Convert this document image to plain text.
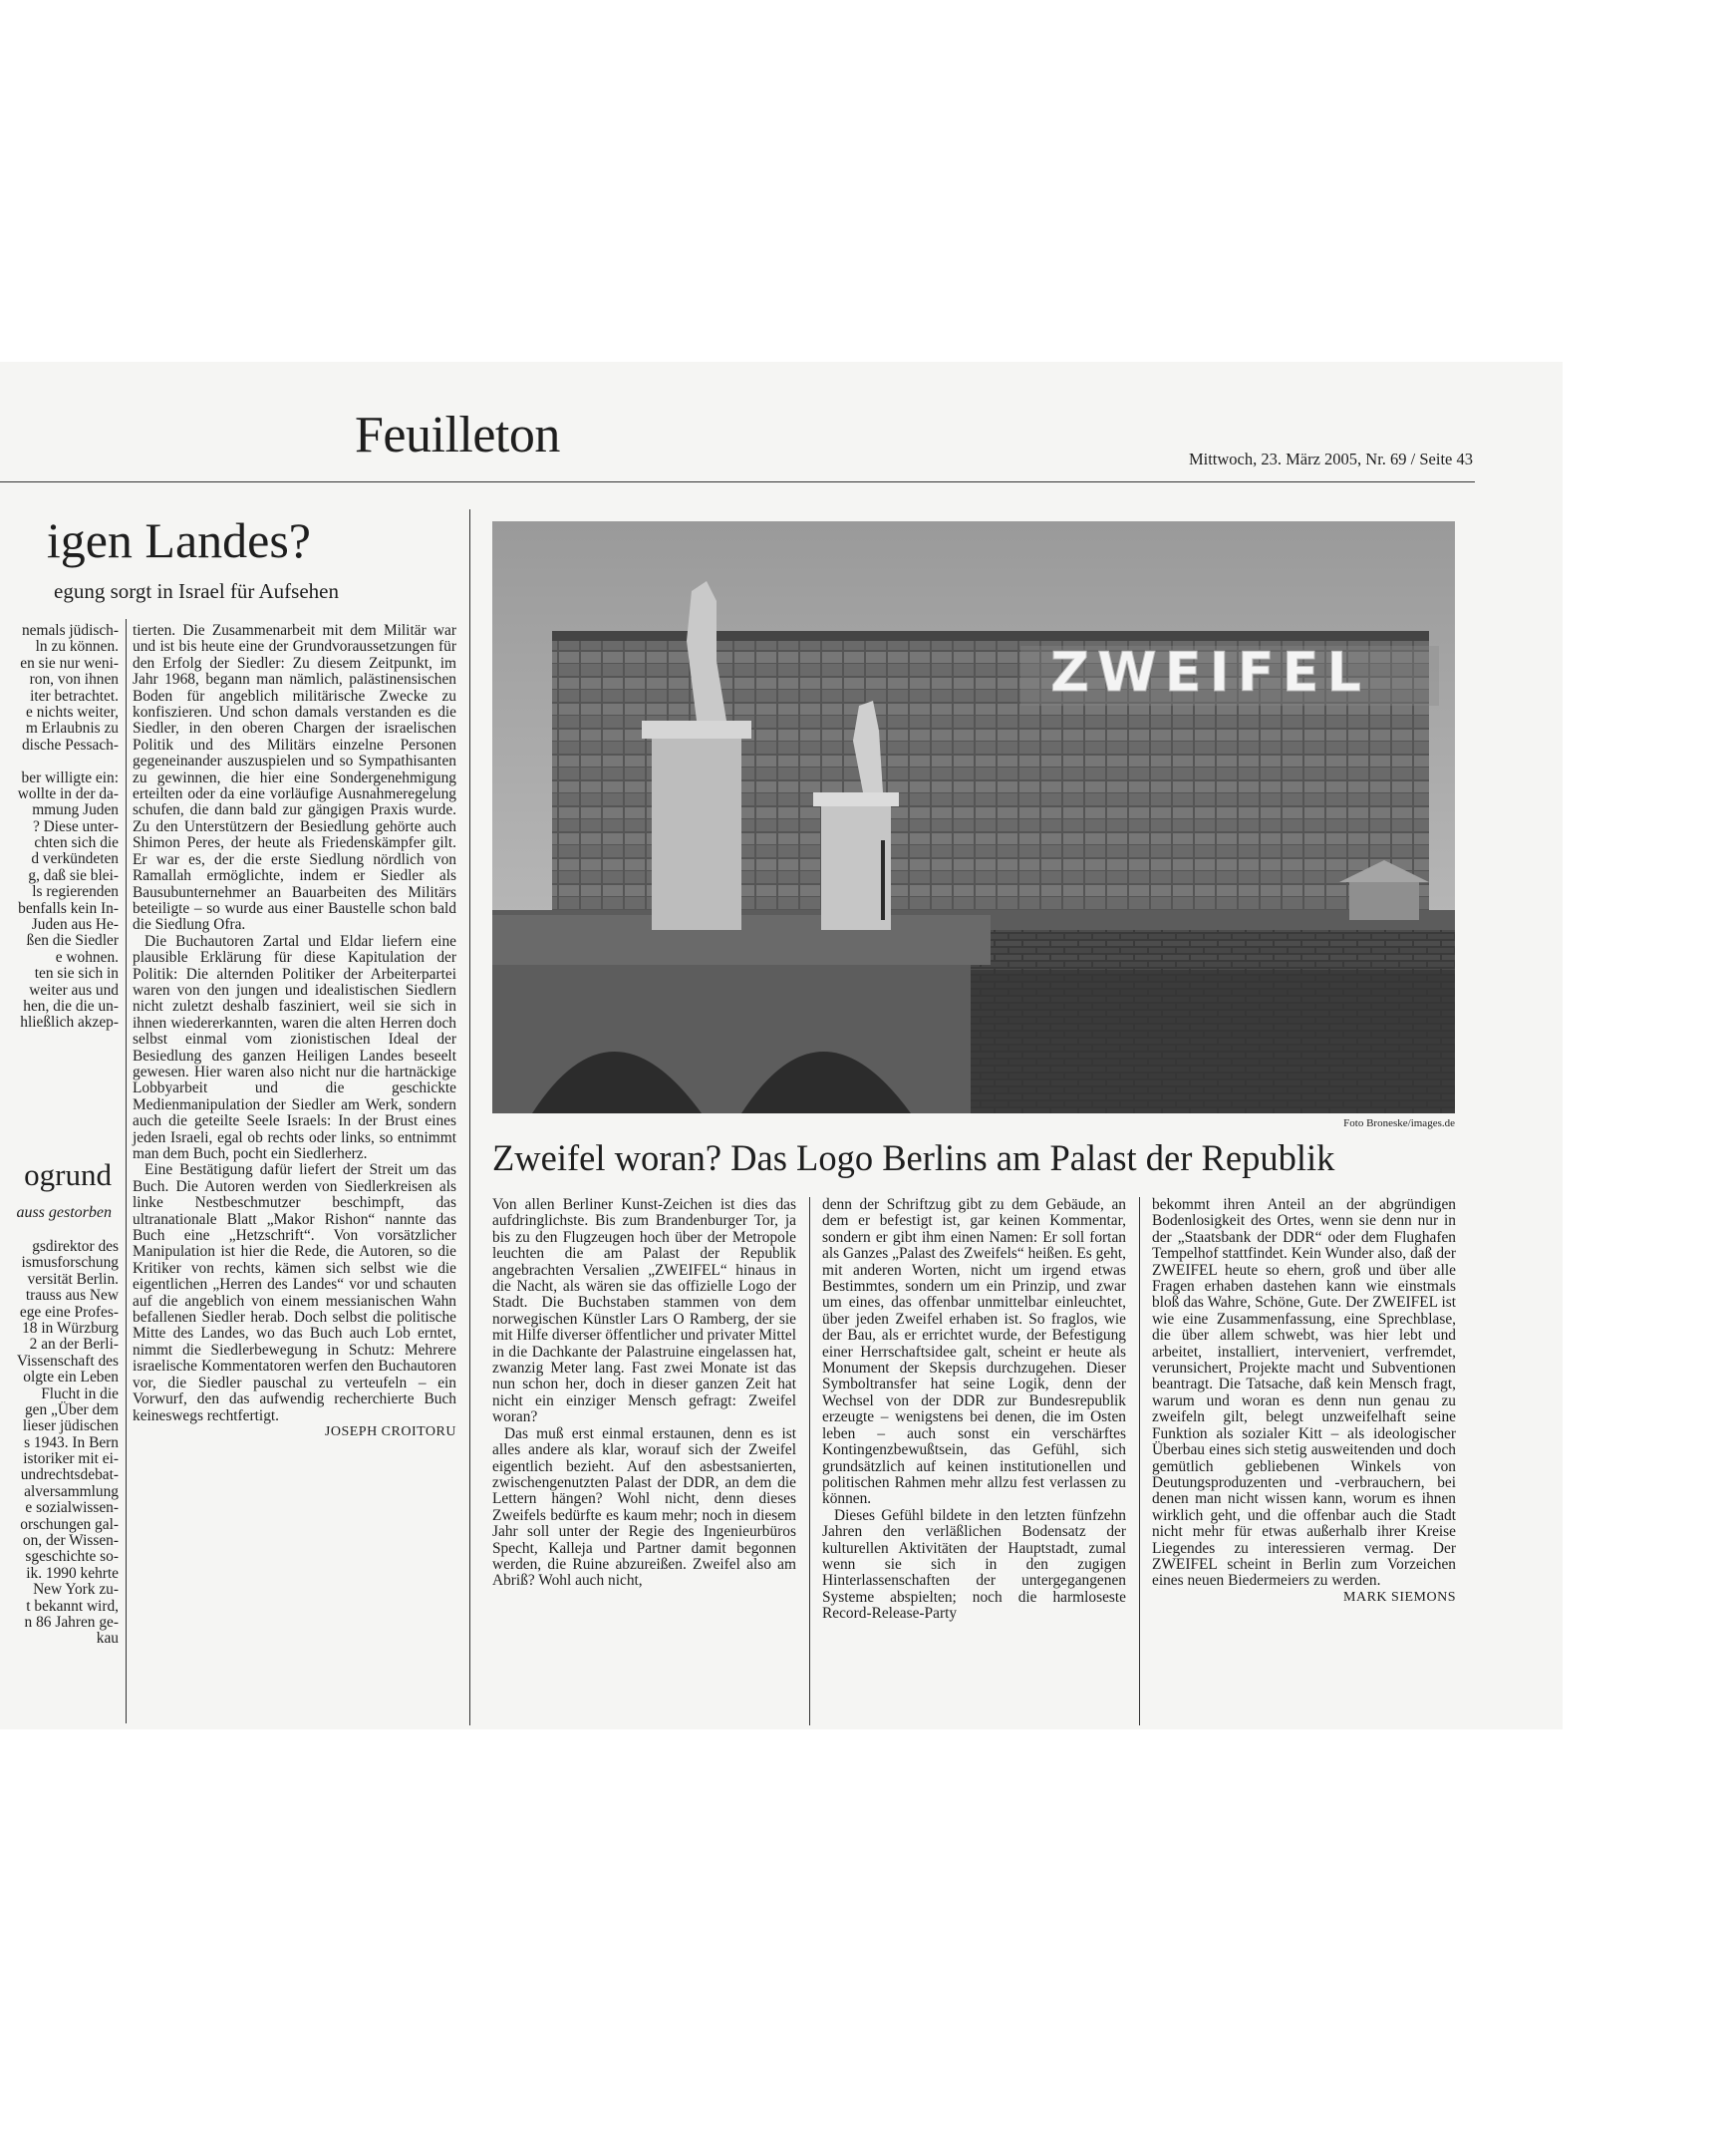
Feuilleton	Mittwoch, 23. März 2005, Nr. 69 / Seite 43
igen Landes?
egung sorgt in Israel für Aufsehen
nemals jüdisch-
ln zu können.
en sie nur weni-
ron, von ihnen
iter betrachtet.
e nichts weiter,
m Erlaubnis zu
dische Pessach-
ber willigte ein:
wollte in der da-
mmung Juden
? Diese unter-
chten sich die
d verkündeten
g, daß sie blei-
ls regierenden
benfalls kein In-
Juden aus He-
ßen die Siedler
e wohnen.
ten sie sich in
weiter aus und
hen, die die un-
hließlich akzep-

tierten. Die Zusammenarbeit mit dem Militär war und ist bis heute eine der Grundvoraussetzungen für den Erfolg der Siedler: Zu diesem Zeitpunkt, im Jahr 1968, begann man nämlich, palästinensischen Boden für angeblich militärische Zwecke zu konfiszieren. Und schon damals verstanden es die Siedler, in den oberen Chargen der israelischen Politik und des Militärs einzelne Personen gegeneinander auszuspielen und so Sympathisanten zu gewinnen, die hier eine Sondergenehmigung erteilten oder da eine vorläufige Ausnahmeregelung schufen, die dann bald zur gängigen Praxis wurde. Zu den Unterstützern der Besiedlung gehörte auch Shimon Peres, der heute als Friedenskämpfer gilt. Er war es, der die erste Siedlung nördlich von Ramallah ermöglichte, indem er Siedler als Bausubunternehmer an Bauarbeiten des Militärs beteiligte – so wurde aus einer Baustelle schon bald die Siedlung Ofra.

Die Buchautoren Zartal und Eldar liefern eine plausible Erklärung für diese Kapitulation der Politik: Die alternden Politiker der Arbeiterpartei waren von den jungen und idealistischen Siedlern nicht zuletzt deshalb fasziniert, weil sie sich in ihnen wiedererkannten, waren die alten Herren doch selbst einmal vom zionistischen Ideal der Besiedlung des ganzen Heiligen Landes beseelt gewesen. Hier waren also nicht nur die hartnäckige Lobbyarbeit und die geschickte Medienmanipulation der Siedler am Werk, sondern auch die geteilte Seele Israels: In der Brust eines jeden Israeli, egal ob rechts oder links, so entnimmt man dem Buch, pocht ein Siedlerherz.

Eine Bestätigung dafür liefert der Streit um das Buch. Die Autoren werden von Siedlerkreisen als linke Nestbeschmutzer beschimpft, das ultranationale Blatt „Makor Rishon“ nannte das Buch eine „Hetzschrift“. Von vorsätzlicher Manipulation ist hier die Rede, die Autoren, so die Kritiker von rechts, kämen sich selbst wie die eigentlichen „Herren des Landes“ vor und schauten auf die angeblich von einem messianischen Wahn befallenen Siedler herab. Doch selbst die politische Mitte des Landes, wo das Buch auch Lob erntet, nimmt die Siedlerbewegung in Schutz: Mehrere israelische Kommentatoren werfen den Buchautoren vor, die Siedler pauschal zu verteufeln – ein Vorwurf, den das aufwendig recherchierte Buch keineswegs rechtfertigt.

JOSEPH CROITORU
ogrund
auss gestorben
gsdirektor des
ismusforschung
versität Berlin.
trauss aus New
ege eine Profes-
18 in Würzburg
2 an der Berli-
Vissenschaft des
olgte ein Leben
Flucht in die
gen „Über dem
lieser jüdischen
s 1943. In Bern
istoriker mit ei-
undrechtsdebat-
alversammlung
e sozialwissen-
orschungen gal-
on, der Wissen-
sgeschichte so-
ik. 1990 kehrte
New York zu-
t bekannt wird,
n 86 Jahren ge-
kau
ZWEIFEL
Foto Broneske/images.de
Zweifel woran? Das Logo Berlins am Palast der Republik

Von allen Berliner Kunst-Zeichen ist dies das aufdringlichste. Bis zum Brandenburger Tor, ja bis zu den Flugzeugen hoch über der Metropole leuchten die am Palast der Republik angebrachten Versalien „ZWEIFEL“ hinaus in die Nacht, als wären sie das offizielle Logo der Stadt. Die Buchstaben stammen von dem norwegischen Künstler Lars O Ramberg, der sie mit Hilfe diverser öffentlicher und privater Mittel in die Dachkante der Palastruine eingelassen hat, zwanzig Meter lang. Fast zwei Monate ist das nun schon her, doch in dieser ganzen Zeit hat nicht ein einziger Mensch gefragt: Zweifel woran?

Das muß erst einmal erstaunen, denn es ist alles andere als klar, worauf sich der Zweifel eigentlich bezieht. Auf den asbestsanierten, zwischengenutzten Palast der DDR, an dem die Lettern hängen? Wohl nicht, denn dieses Zweifels bedürfte es kaum mehr; noch in diesem Jahr soll unter der Regie des Ingenieurbüros Specht, Kalleja und Partner damit begonnen werden, die Ruine abzureißen. Zweifel also am Abriß? Wohl auch nicht,

denn der Schriftzug gibt zu dem Gebäude, an dem er befestigt ist, gar keinen Kommentar, sondern er gibt ihm einen Namen: Er soll fortan als Ganzes „Palast des Zweifels“ heißen. Es geht, mit anderen Worten, nicht um irgend etwas Bestimmtes, sondern um ein Prinzip, und zwar um eines, das offenbar unmittelbar einleuchtet, über jeden Zweifel erhaben ist. So fraglos, wie der Bau, als er errichtet wurde, der Befestigung einer Herrschaftsidee galt, scheint er heute als Monument der Skepsis durchzugehen. Dieser Symboltransfer hat seine Logik, denn der Wechsel von der DDR zur Bundesrepublik erzeugte – wenigstens bei denen, die im Osten leben – auch sonst ein verschärftes Kontingenzbewußtsein, das Gefühl, sich grundsätzlich auf keinen institutionellen und politischen Rahmen mehr allzu fest verlassen zu können.

Dieses Gefühl bildete in den letzten fünfzehn Jahren den verläßlichen Bodensatz der kulturellen Aktivitäten der Hauptstadt, zumal wenn sie sich in den zugigen Hinterlassenschaften der untergegangenen Systeme abspielten; noch die harmloseste Record-Release-Party

bekommt ihren Anteil an der abgründigen Bodenlosigkeit des Ortes, wenn sie denn nur in der „Staatsbank der DDR“ oder dem Flughafen Tempelhof stattfindet. Kein Wunder also, daß der ZWEIFEL heute so ehern, groß und über alle Fragen erhaben dastehen kann wie einstmals bloß das Wahre, Schöne, Gute. Der ZWEIFEL ist wie eine Zusammenfassung, eine Sprechblase, die über allem schwebt, was hier lebt und arbeitet, installiert, interveniert, verfremdet, verunsichert, Projekte macht und Subventionen beantragt. Die Tatsache, daß kein Mensch fragt, warum und woran es denn nun genau zu zweifeln gilt, belegt unzweifelhaft seine Funktion als sozialer Kitt – als ideologischer Überbau eines sich stetig ausweitenden und doch gemütlich gebliebenen Winkels von Deutungsproduzenten und -verbrauchern, bei denen man nicht wissen kann, worum es ihnen wirklich geht, und die offenbar auch die Stadt nicht mehr für etwas außerhalb ihrer Kreise Liegendes zu interessieren vermag. Der ZWEIFEL scheint in Berlin zum Vorzeichen eines neuen Biedermeiers zu werden.

MARK SIEMONS
